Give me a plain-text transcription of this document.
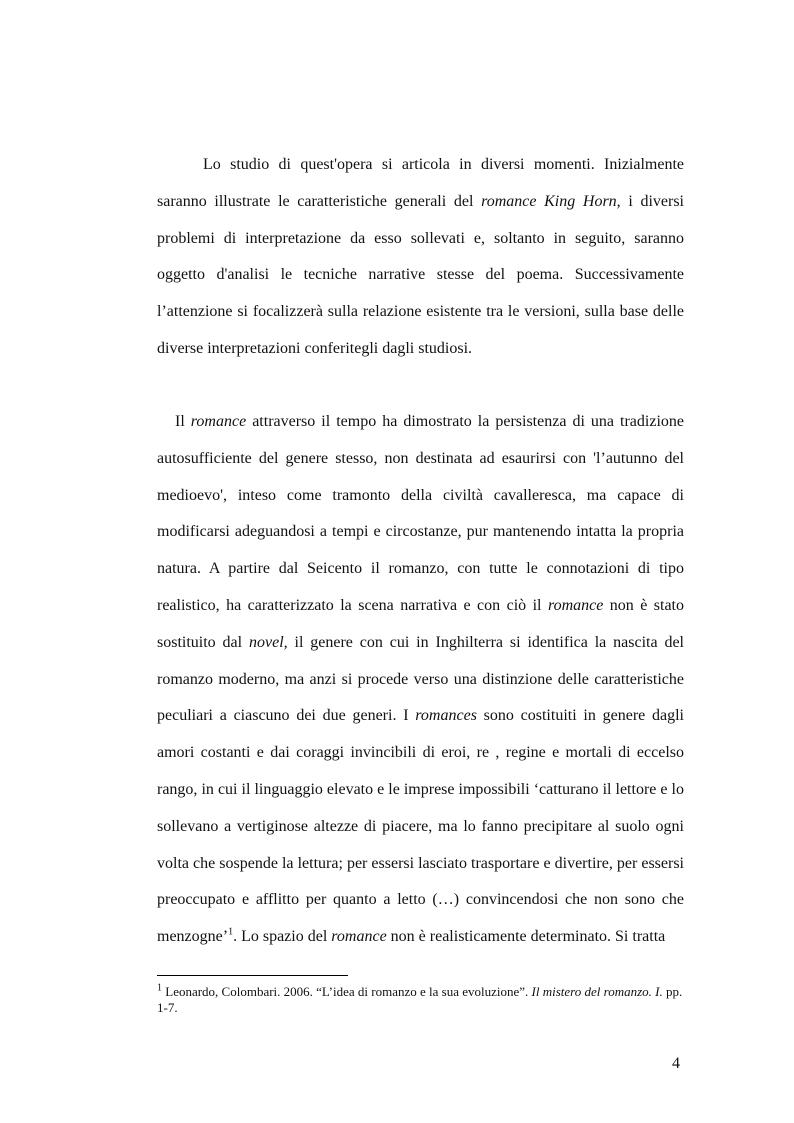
Lo studio di quest'opera si articola in diversi momenti. Inizialmente saranno illustrate le caratteristiche generali del romance King Horn, i diversi problemi di interpretazione da esso sollevati e, soltanto in seguito, saranno oggetto d'analisi le tecniche narrative stesse del poema. Successivamente l’attenzione si focalizzerà sulla relazione esistente tra le versioni, sulla base delle diverse interpretazioni conferitegli dagli studiosi.

Il romance attraverso il tempo ha dimostrato la persistenza di una tradizione autosufficiente del genere stesso, non destinata ad esaurirsi con 'l’autunno del medioevo', inteso come tramonto della civiltà cavalleresca, ma capace di modificarsi adeguandosi a tempi e circostanze, pur mantenendo intatta la propria natura. A partire dal Seicento il romanzo, con tutte le connotazioni di tipo realistico, ha caratterizzato la scena narrativa e con ciò il romance non è stato sostituito dal novel, il genere con cui in Inghilterra si identifica la nascita del romanzo moderno, ma anzi si procede verso una distinzione delle caratteristiche peculiari a ciascuno dei due generi. I romances sono costituiti in genere dagli amori costanti e dai coraggi invincibili di eroi, re , regine e mortali di eccelso rango, in cui il linguaggio elevato e le imprese impossibili ‘catturano il lettore e lo sollevano a vertiginose altezze di piacere, ma lo fanno precipitare al suolo ogni volta che sospende la lettura; per essersi lasciato trasportare e divertire, per essersi preoccupato e afflitto per quanto a letto (…) convincendosi che non sono che menzogne’$^1$. Lo spazio del romance non è realisticamente determinato. Si tratta

$^1$ Leonardo, Colombari. 2006. “L’idea di romanzo e la sua evoluzione”. Il mistero del romanzo. I. pp. 1-7.

4
